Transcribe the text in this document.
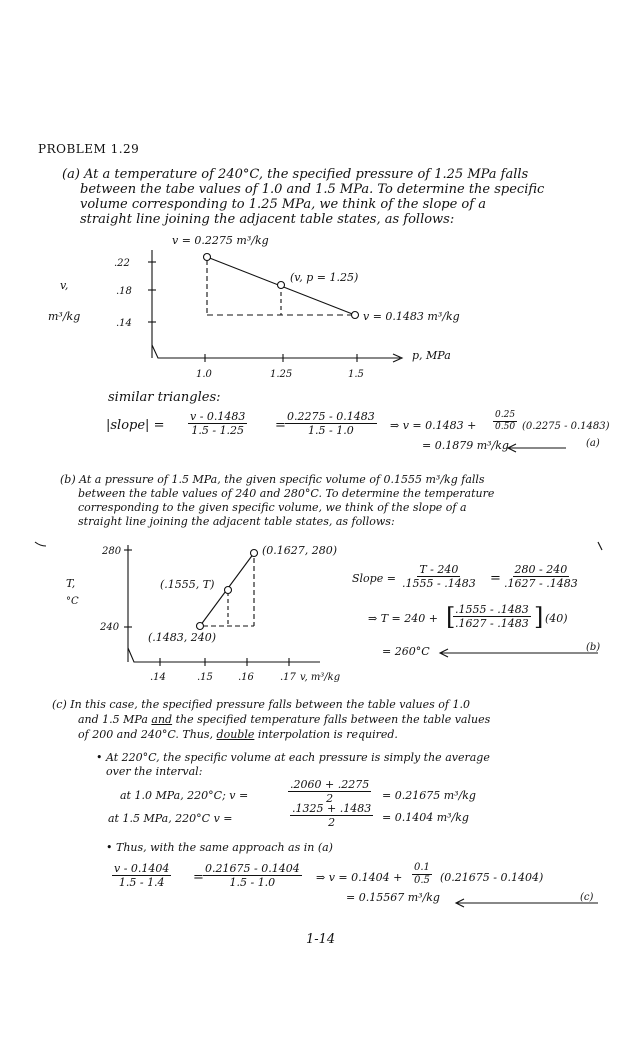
PROBLEM 1.29
(a) At a temperature of 240°C, the specified pressure of 1.25 MPa falls
between the tabe values of 1.0 and 1.5 MPa. To determine the specific
volume corresponding to 1.25 MPa, we think of the slope of a
straight line joining the adjacent table states, as follows:
v = 0.2275 m³/kg
(v, p = 1.25)
v = 0.1483 m³/kg
v,
m³/kg
.22
.18
.14
1.0	1.25	1.5
p, MPa
similar triangles:
|slope| = $\frac{v - 0.1483}{1.5 - 1.25} = \frac{0.2275 - 0.1483}{1.5 - 1.0}$ ⇒ $v = 0.1483 + \frac{0.25}{0.50} (0.2275 - 0.1483)$
= 0.1879 m³/kg	(a)
(b) At a pressure of 1.5 MPa, the given specific volume of 0.1555 m³/kg falls
between the table values of 240 and 280°C. To determine the temperature
corresponding to the given specific volume, we think of the slope of a
straight line joining the adjacent table states, as follows:
(0.1627, 280)
(.1555, T)
(.1483, 240)
T,
°C
280
240
.14	.15	.16	.17 v, m³/kg
Slope = $\frac{T - 240}{.1555 - .1483} = \frac{280 - 240}{.1627 - .1483}$
⇒ T = 240 + [
$\frac{.1555 - .1483}{.1627 - .1483}$ ] (40)
= 260°C	(b)
(c) In this case, the specified pressure falls between the table values of 1.0
and 1.5 MPa and the specified temperature falls between the table values
of 200 and 240°C. Thus, double interpolation is required.
• At 220°C, the specific volume at each pressure is simply the average
over the interval:
at 1.0 MPa, 220°C; v =	$\frac{.2060 + .2275}{2} = 0.21675$ m³/kg
at 1.5 MPa, 220°C v =	$\frac{.1325 + .1483}{2} = 0.1404$ m³/kg
• Thus, with the same approach as in (a)
$\frac{v - 0.1404}{1.5 - 1.4} = \frac{0.21675 - 0.1404}{1.5 - 1.0}$ ⇒ $v = 0.1404 + \frac{0.1}{0.5} (0.21675 - 0.1404)$
= 0.15567 m³/kg	(c)
1-14
